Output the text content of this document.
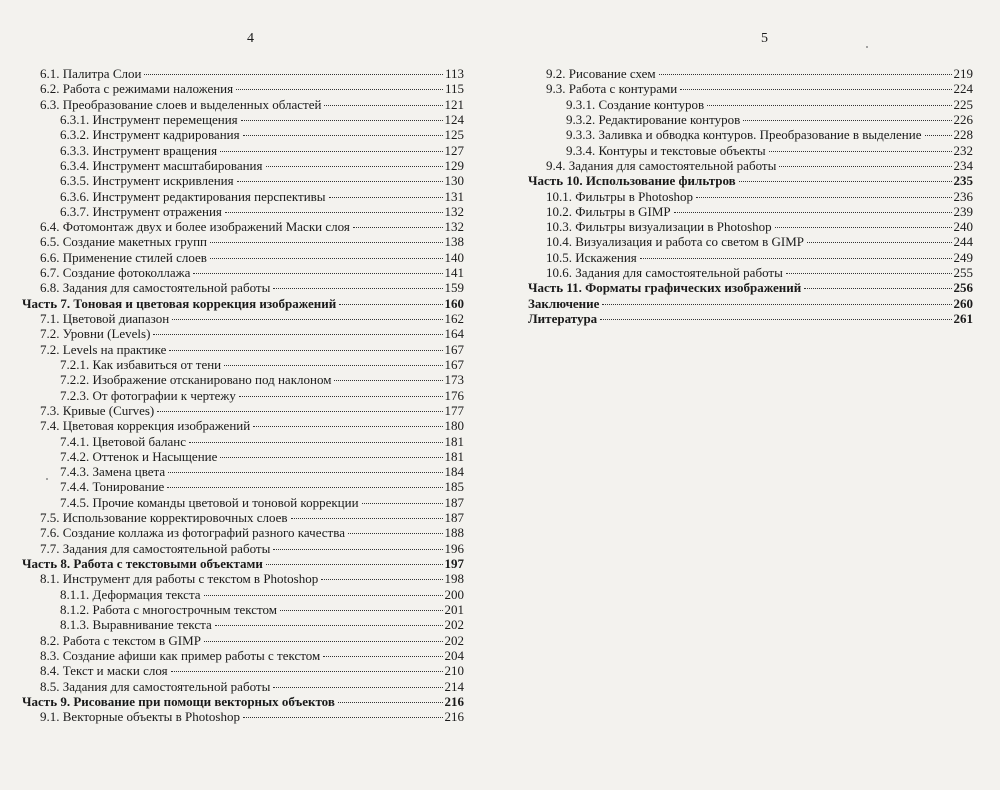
4
6.1. Палитра Слои	113
6.2. Работа с режимами наложения	115
6.3. Преобразование слоев и выделенных областей	121
6.3.1. Инструмент перемещения	124
6.3.2. Инструмент кадрирования	125
6.3.3. Инструмент вращения	127
6.3.4. Инструмент масштабирования	129
6.3.5. Инструмент искривления	130
6.3.6. Инструмент редактирования перспективы	131
6.3.7. Инструмент отражения	132
6.4. Фотомонтаж двух и более изображений Маски слоя	132
6.5. Создание макетных групп	138
6.6. Применение стилей слоев	140
6.7. Создание фотоколлажа	141
6.8. Задания для самостоятельной работы	159
Часть 7. Тоновая и цветовая коррекция изображений	160
7.1. Цветовой диапазон	162
7.2. Уровни (Levels)	164
7.2. Levels на практике	167
7.2.1. Как избавиться от тени	167
7.2.2. Изображение отсканировано под наклоном	173
7.2.3. От фотографии к чертежу	176
7.3. Кривые (Curves)	177
7.4. Цветовая коррекция изображений	180
7.4.1. Цветовой баланс	181
7.4.2. Оттенок и Насыщение	181
7.4.3. Замена цвета	184
7.4.4. Тонирование	185
7.4.5. Прочие команды цветовой и тоновой коррекции	187
7.5. Использование корректировочных слоев	187
7.6. Создание коллажа из фотографий разного качества	188
7.7. Задания для самостоятельной работы	196
Часть 8. Работа с текстовыми объектами	197
8.1. Инструмент для работы с текстом в Photoshop	198
8.1.1. Деформация текста	200
8.1.2. Работа с многострочным текстом	201
8.1.3. Выравнивание текста	202
8.2. Работа с текстом в GIMP	202
8.3. Создание афиши как пример работы с текстом	204
8.4. Текст и маски слоя	210
8.5. Задания для самостоятельной работы	214
Часть 9. Рисование при помощи векторных объектов	216
9.1. Векторные объекты в Photoshop	216
5
9.2. Рисование схем	219
9.3. Работа с контурами	224
9.3.1. Создание контуров	225
9.3.2. Редактирование контуров	226
9.3.3. Заливка и обводка контуров. Преобразование в выделение 228
9.3.4. Контуры и текстовые объекты	232
9.4. Задания для самостоятельной работы	234
Часть 10. Использование фильтров	235
10.1. Фильтры в Photoshop	236
10.2. Фильтры в GIMP	239
10.3. Фильтры визуализации в Photoshop	240
10.4. Визуализация и работа со светом в GIMP	244
10.5. Искажения	249
10.6. Задания для самостоятельной работы	255
Часть 11. Форматы графических изображений	256
Заключение	260
Литература	261
